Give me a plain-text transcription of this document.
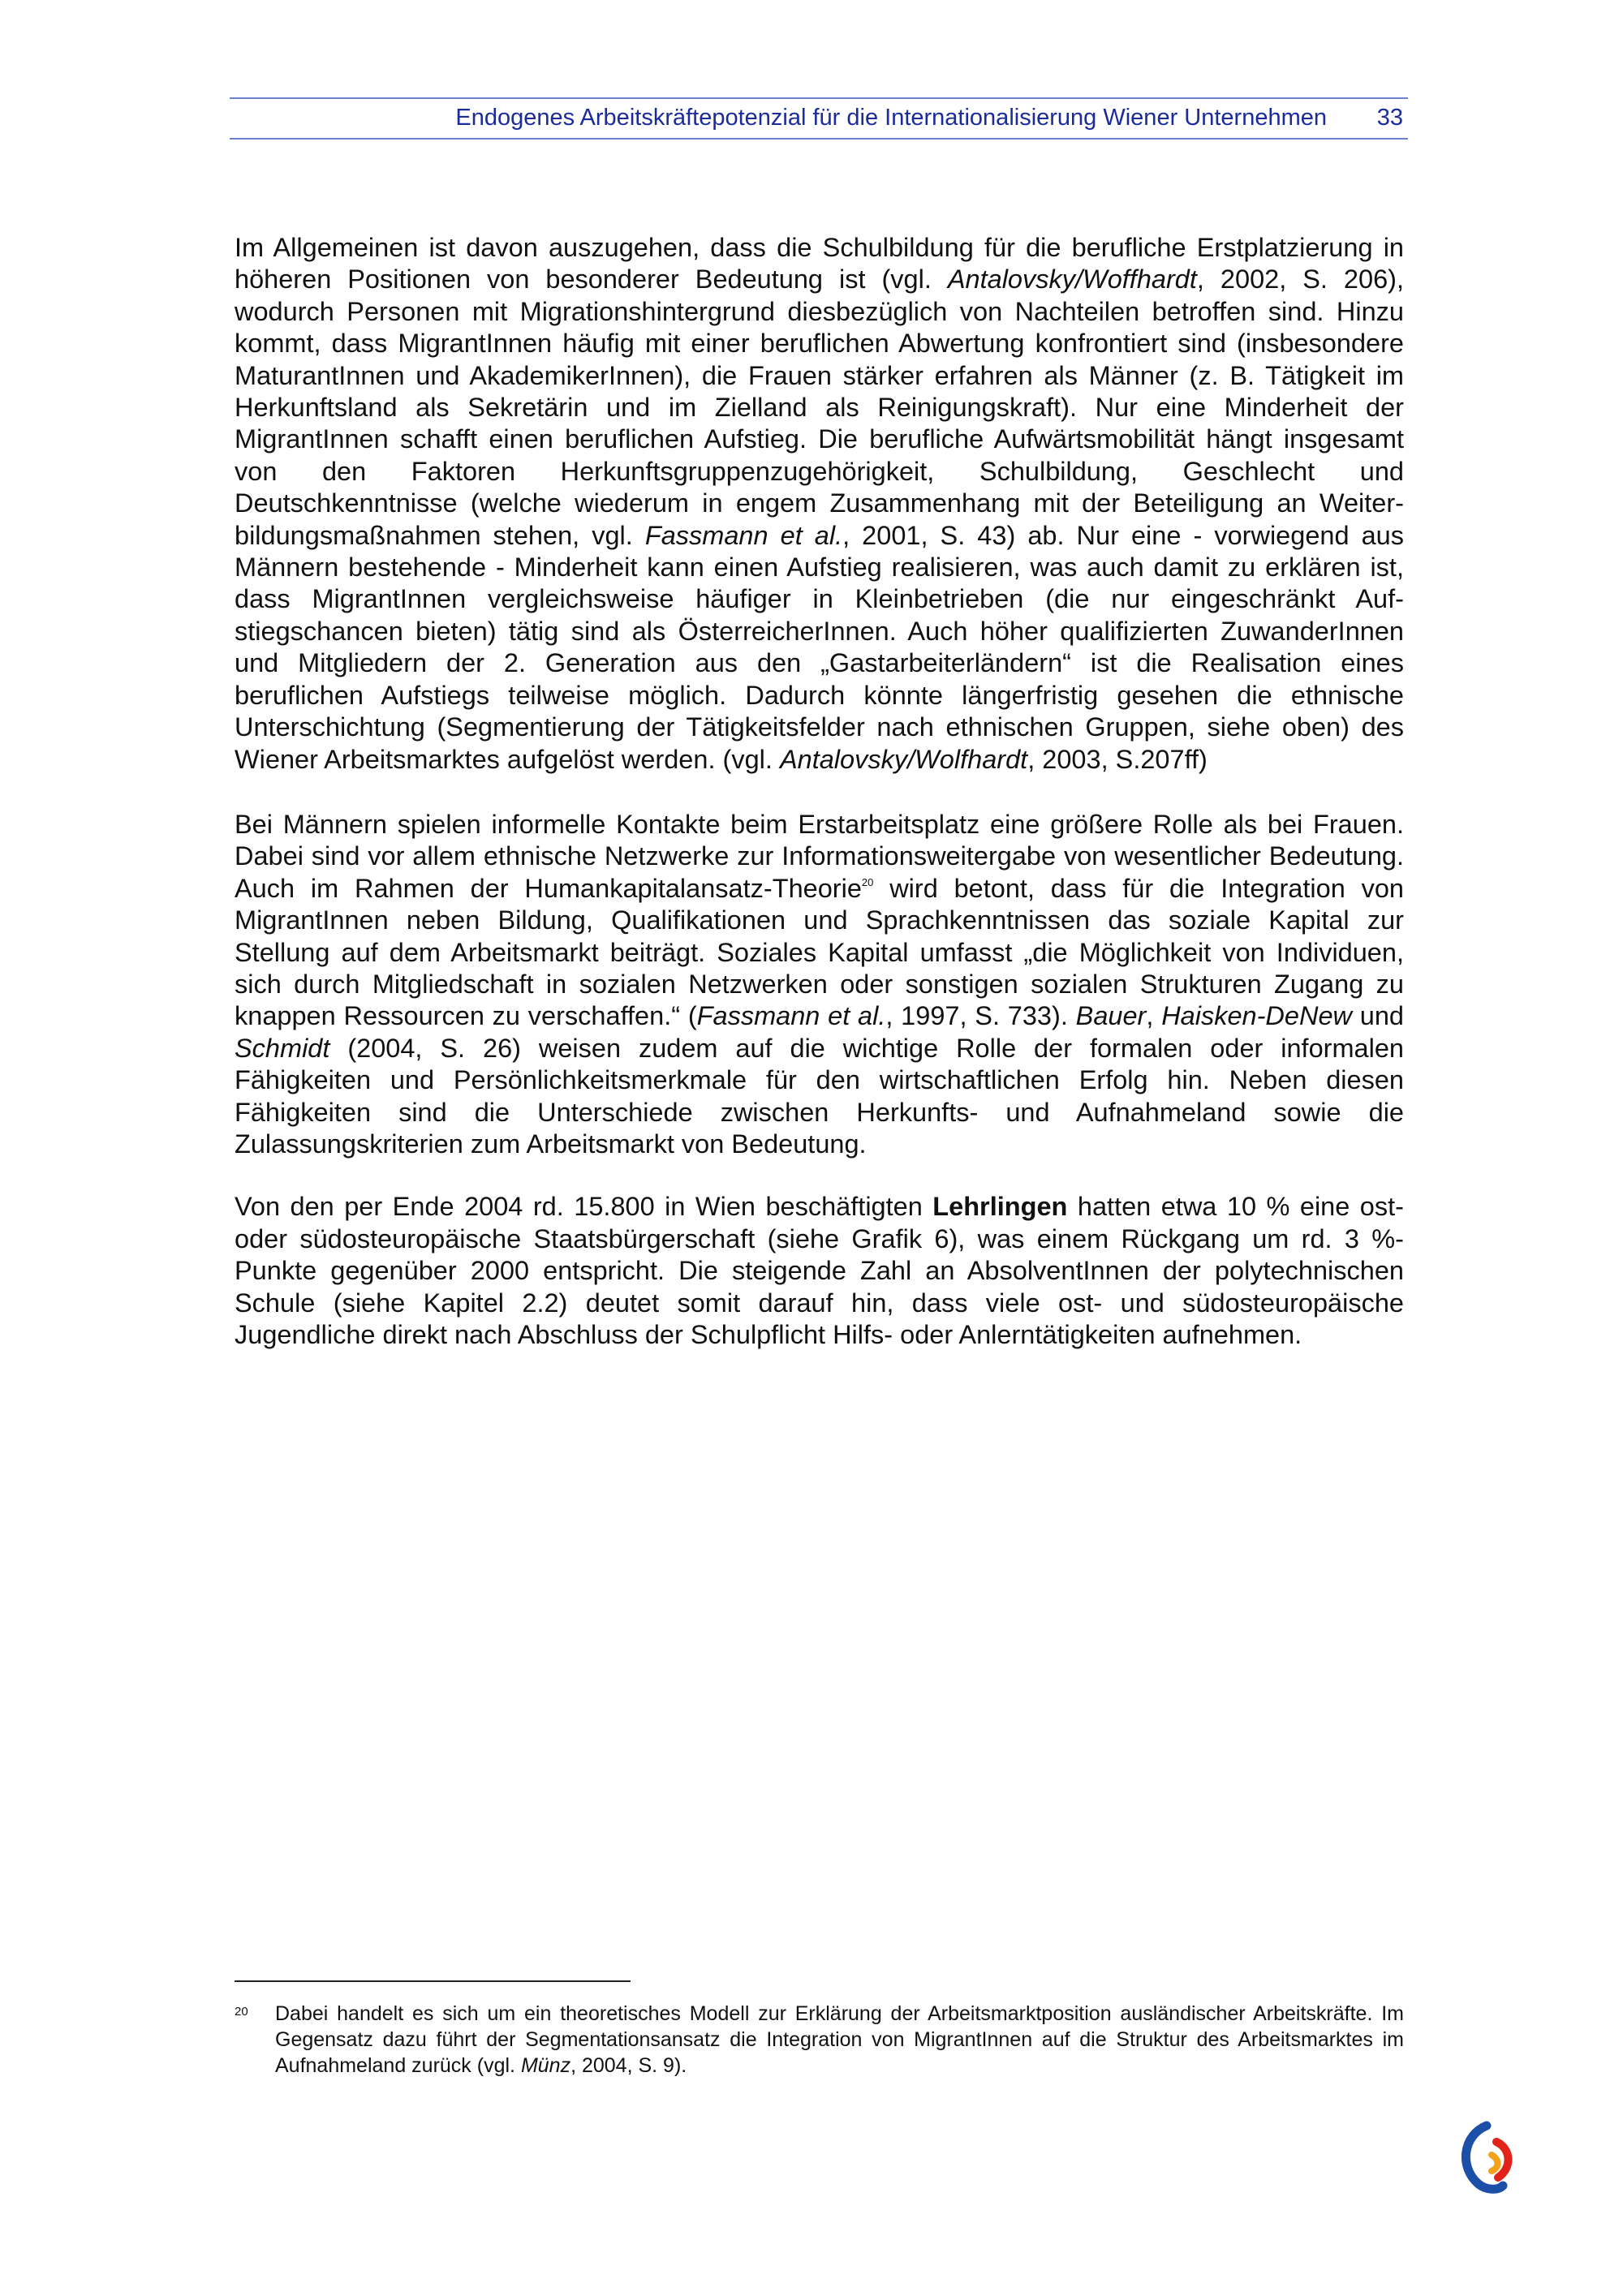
Endogenes Arbeitskräftepotenzial für die Internationalisierung Wiener Unternehmen 33

Im Allgemeinen ist davon auszugehen, dass die Schulbildung für die berufliche Erstplatzierung in höheren Positionen von besonderer Bedeutung ist (vgl. Antalovsky/Woffhardt, 2002, S. 206), wodurch Personen mit Migrationshintergrund diesbezüglich von Nachteilen betroffen sind. Hinzu kommt, dass MigrantInnen häufig mit einer beruflichen Abwertung konfrontiert sind (insbesondere MaturantInnen und AkademikerInnen), die Frauen stärker erfahren als Männer (z. B. Tätigkeit im Herkunftsland als Sekretärin und im Zielland als Reinigungskraft). Nur eine Minderheit der MigrantInnen schafft einen beruflichen Aufstieg. Die berufliche Aufwärtsmobilität hängt insgesamt von den Faktoren Herkunftsgruppenzugehörigkeit, Schulbildung, Geschlecht und Deutschkenntnisse (welche wiederum in engem Zusammenhang mit der Beteiligung an Weiterbildungsmaßnahmen stehen, vgl. Fassmann et al., 2001, S. 43) ab. Nur eine - vorwiegend aus Männern bestehende - Minderheit kann einen Aufstieg realisieren, was auch damit zu erklären ist, dass MigrantInnen vergleichsweise häufiger in Kleinbetrieben (die nur eingeschränkt Aufstiegschancen bieten) tätig sind als ÖsterreicherInnen. Auch höher qualifizierten ZuwanderInnen und Mitgliedern der 2. Generation aus den „Gastarbeiterländern“ ist die Realisation eines beruflichen Aufstiegs teilweise möglich. Dadurch könnte längerfristig gesehen die ethnische Unterschichtung (Segmentierung der Tätigkeitsfelder nach ethnischen Gruppen, siehe oben) des Wiener Arbeitsmarktes aufgelöst werden. (vgl. Antalovsky/Wolfhardt, 2003, S.207ff)

Bei Männern spielen informelle Kontakte beim Erstarbeitsplatz eine größere Rolle als bei Frauen. Dabei sind vor allem ethnische Netzwerke zur Informationsweitergabe von wesentlicher Bedeutung. Auch im Rahmen der Humankapitalansatz-Theorie$^{20}$ wird betont, dass für die Integration von MigrantInnen neben Bildung, Qualifikationen und Sprachkenntnissen das soziale Kapital zur Stellung auf dem Arbeitsmarkt beiträgt. Soziales Kapital umfasst „die Möglichkeit von Individuen, sich durch Mitgliedschaft in sozialen Netzwerken oder sonstigen sozialen Strukturen Zugang zu knappen Ressourcen zu verschaffen.“ (Fassmann et al., 1997, S. 733). Bauer, Haisken-DeNew und Schmidt (2004, S. 26) weisen zudem auf die wichtige Rolle der formalen oder informalen Fähigkeiten und Persönlichkeitsmerkmale für den wirtschaftlichen Erfolg hin. Neben diesen Fähigkeiten sind die Unterschiede zwischen Herkunfts- und Aufnahmeland sowie die Zulassungskriterien zum Arbeitsmarkt von Bedeutung.

Von den per Ende 2004 rd. 15.800 in Wien beschäftigten Lehrlingen hatten etwa 10 % eine ost- oder südosteuropäische Staatsbürgerschaft (siehe Grafik 6), was einem Rückgang um rd. 3 %-Punkte gegenüber 2000 entspricht. Die steigende Zahl an AbsolventInnen der polytechnischen Schule (siehe Kapitel 2.2) deutet somit darauf hin, dass viele ost- und südosteuropäische Jugendliche direkt nach Abschluss der Schulpflicht Hilfs- oder Anlerntätigkeiten aufnehmen.

20 Dabei handelt es sich um ein theoretisches Modell zur Erklärung der Arbeitsmarktposition ausländischer Arbeitskräfte. Im Gegensatz dazu führt der Segmentationsansatz die Integration von MigrantInnen auf die Struktur des Arbeitsmarktes im Aufnahmeland zurück (vgl. Münz, 2004, S. 9).
